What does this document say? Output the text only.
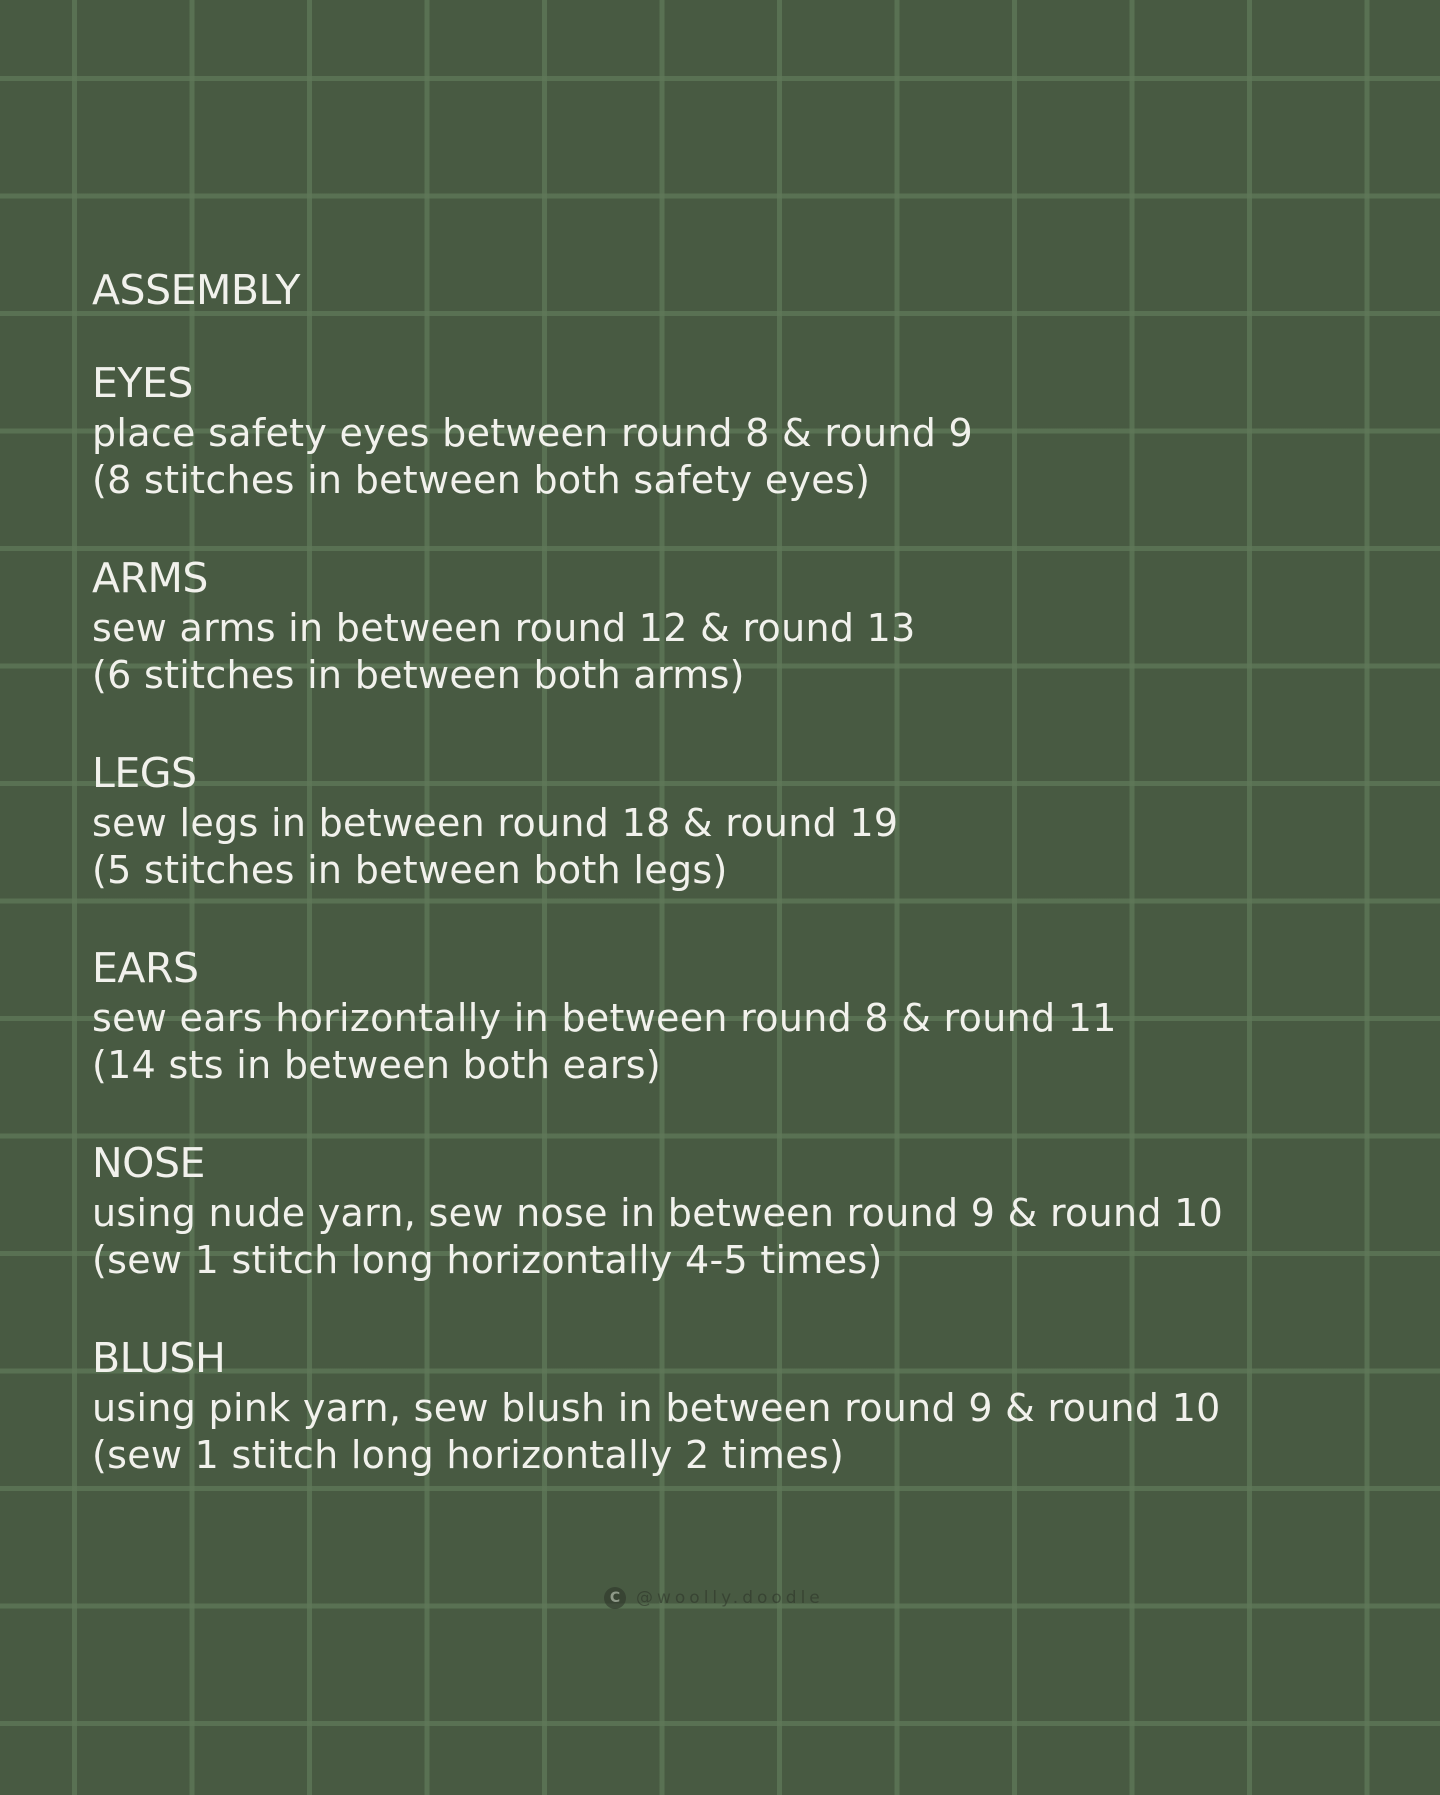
ASSEMBLY
EYES
place safety eyes between round 8 & round 9
(8 stitches in between both safety eyes)
ARMS
sew arms in between round 12 & round 13
(6 stitches in between both arms)
LEGS
sew legs in between round 18 & round 19
(5 stitches in between both legs)
EARS
sew ears horizontally in between round 8 & round 11
(14 sts in between both ears)
NOSE
using nude yarn, sew nose in between round 9 & round 10
(sew 1 stitch long horizontally 4-5 times)
BLUSH
using pink yarn, sew blush in between round 9 & round 10
(sew 1 stitch long horizontally 2 times)
C @woolly.doodle
